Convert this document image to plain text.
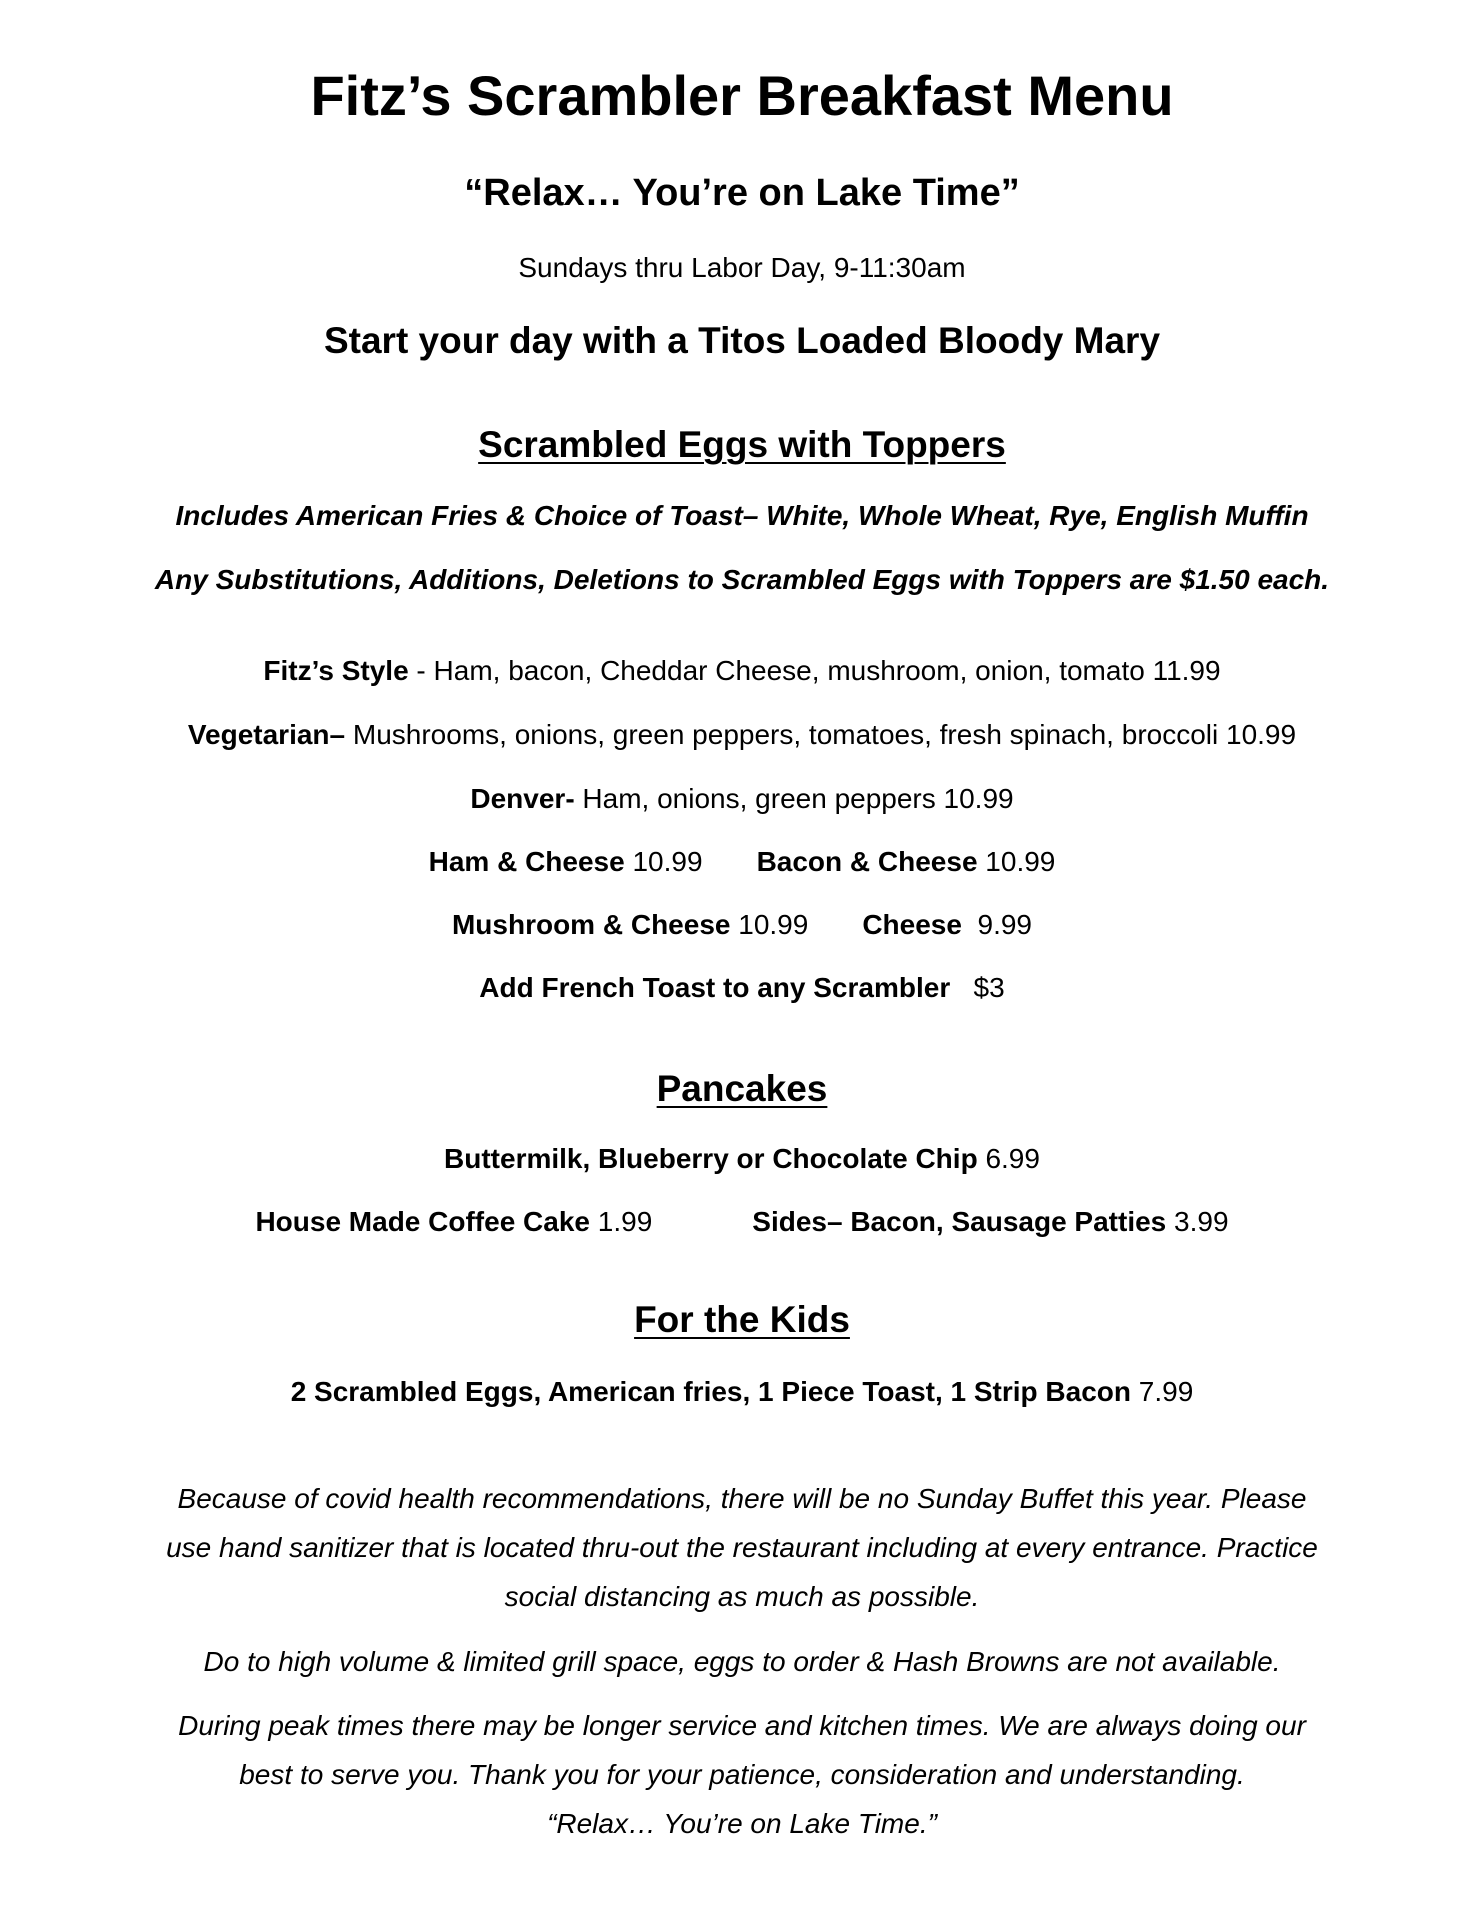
Fitz’s Scrambler Breakfast Menu
“Relax… You’re on Lake Time”
Sundays thru Labor Day, 9-11:30am
Start your day with a Titos Loaded Bloody Mary
Scrambled Eggs with Toppers
Includes American Fries & Choice of Toast– White, Whole Wheat, Rye, English Muffin
Any Substitutions, Additions, Deletions to Scrambled Eggs with Toppers are $1.50 each.
Fitz’s Style - Ham, bacon, Cheddar Cheese, mushroom, onion, tomato 11.99
Vegetarian– Mushrooms, onions, green peppers, tomatoes, fresh spinach, broccoli 10.99
Denver- Ham, onions, green peppers 10.99
Ham & Cheese 10.99 Bacon & Cheese 10.99
Mushroom & Cheese 10.99 Cheese  9.99
Add French Toast to any Scrambler   $3
Pancakes
Buttermilk, Blueberry or Chocolate Chip 6.99
House Made Coffee Cake 1.99	Sides– Bacon, Sausage Patties 3.99
For the Kids
2 Scrambled Eggs, American fries, 1 Piece Toast, 1 Strip Bacon 7.99
Because of covid health recommendations, there will be no Sunday Buffet this year. Please
use hand sanitizer that is located thru-out the restaurant including at every entrance. Practice
social distancing as much as possible.
Do to high volume & limited grill space, eggs to order & Hash Browns are not available.
During peak times there may be longer service and kitchen times. We are always doing our
best to serve you. Thank you for your patience, consideration and understanding.
“Relax… You’re on Lake Time.”
